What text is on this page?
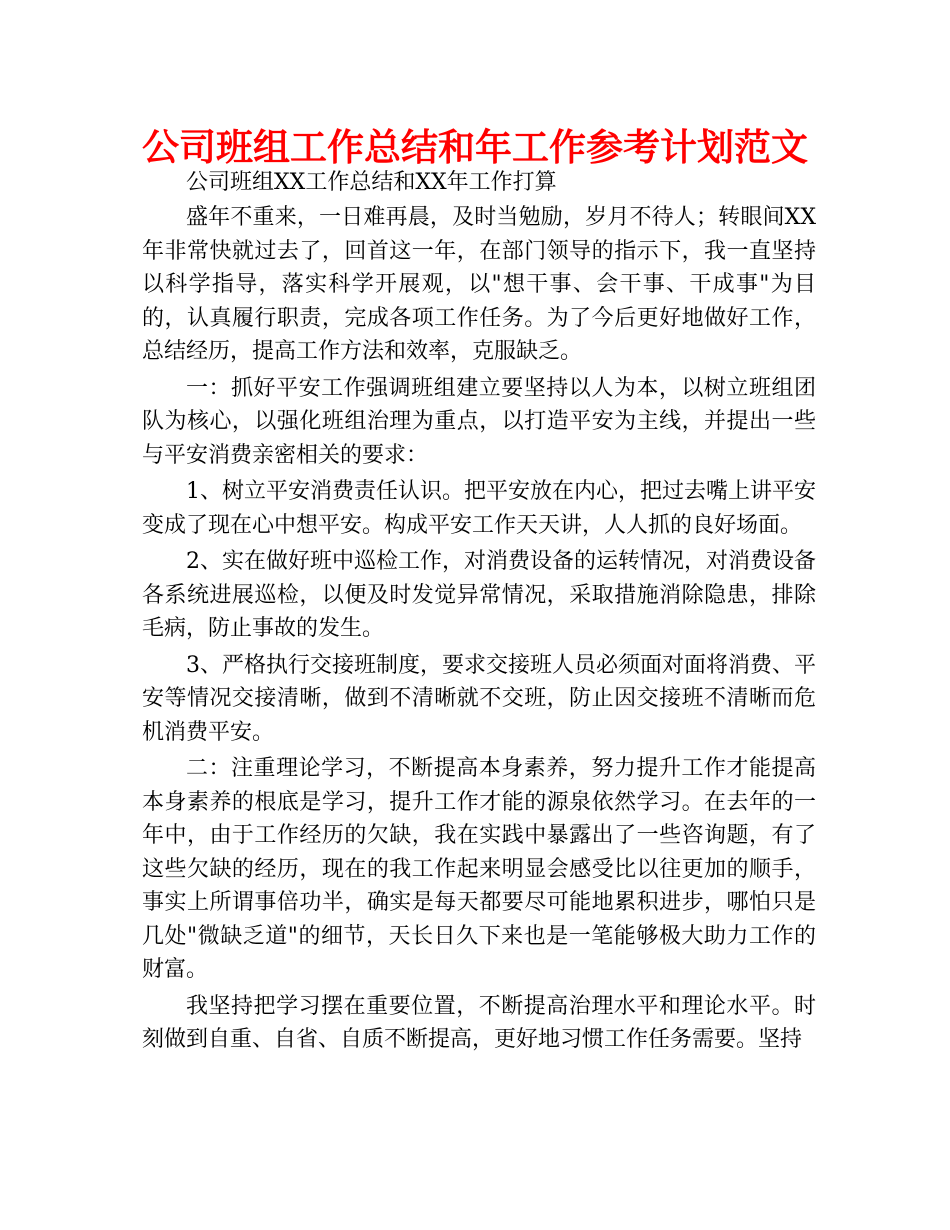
公司班组工作总结和年工作参考计划范文

公司班组XX工作总结和XX年工作打算

盛年不重来，一日难再晨，及时当勉励，岁月不待人；转眼间XX年非常快就过去了，回首这一年，在部门领导的指示下，我一直坚持以科学指导，落实科学开展观，以"想干事、会干事、干成事"为目的，认真履行职责，完成各项工作任务。为了今后更好地做好工作，总结经历，提高工作方法和效率，克服缺乏。

一：抓好平安工作强调班组建立要坚持以人为本，以树立班组团队为核心，以强化班组治理为重点，以打造平安为主线，并提出一些与平安消费亲密相关的要求：

1、树立平安消费责任认识。把平安放在内心，把过去嘴上讲平安变成了现在心中想平安。构成平安工作天天讲，人人抓的良好场面。

2、实在做好班中巡检工作，对消费设备的运转情况，对消费设备各系统进展巡检，以便及时发觉异常情况，采取措施消除隐患，排除毛病，防止事故的发生。

3、严格执行交接班制度，要求交接班人员必须面对面将消费、平安等情况交接清晰，做到不清晰就不交班，防止因交接班不清晰而危机消费平安。

二：注重理论学习，不断提高本身素养，努力提升工作才能提高本身素养的根底是学习，提升工作才能的源泉依然学习。在去年的一年中，由于工作经历的欠缺，我在实践中暴露出了一些咨询题，有了这些欠缺的经历，现在的我工作起来明显会感受比以往更加的顺手，事实上所谓事倍功半，确实是每天都要尽可能地累积进步，哪怕只是几处"微缺乏道"的细节，天长日久下来也是一笔能够极大助力工作的财富。

我坚持把学习摆在重要位置，不断提高治理水平和理论水平。时刻做到自重、自省、自质不断提高，更好地习惯工作任务需要。坚持
